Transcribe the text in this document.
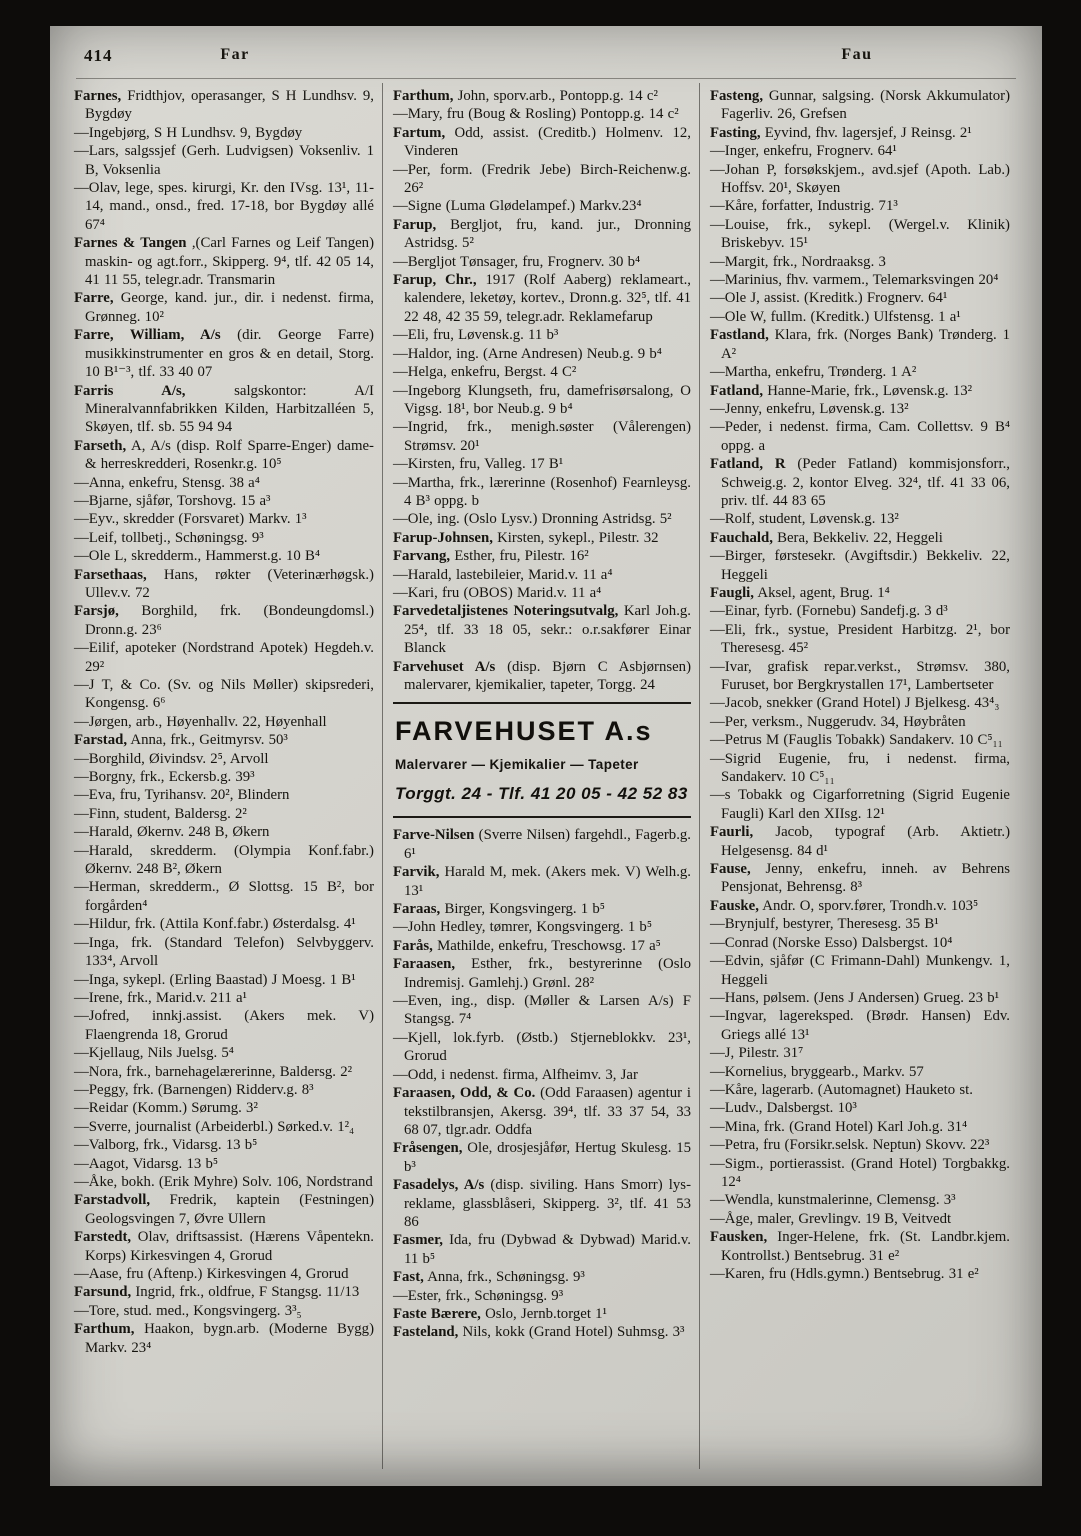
414	Far	Fau

Farnes, Fridthjov, operasanger, S H Lundhsv. 9, Bygdøy

—Ingebjørg, S H Lundhsv. 9, Bygdøy

—Lars, salgssjef (Gerh. Ludvigsen) Voksenliv. 1 B, Voksenlia

—Olav, lege, spes. kirurgi, Kr. den IVsg. 13¹, 11-14, mand., onsd., fred. 17-18, bor Bygdøy allé 67⁴

Farnes & Tangen ,(Carl Farnes og Leif Tangen) maskin- og agt.forr., Skipperg. 9⁴, tlf. 42 05 14, 41 11 55, telegr.adr. Transmarin

Farre, George, kand. jur., dir. i nedenst. firma, Grønneg. 10²

Farre, William, A/s (dir. George Farre) musikkinstrumenter en gros & en detail, Storg. 10 B¹⁻³, tlf. 33 40 07

Farris A/s, salgskontor: A/I Mineralvannfabrikken Kilden, Harbitzalléen 5, Skøyen, tlf. sb. 55 94 94

Farseth, A, A/s (disp. Rolf Sparre-Enger) dame- & herreskredderi, Rosenkr.g. 10⁵

—Anna, enkefru, Stensg. 38 a⁴

—Bjarne, sjåfør, Torshovg. 15 a³

—Eyv., skredder (Forsvaret) Markv. 1³

—Leif, tollbetj., Schøningsg. 9³

—Ole L, skredderm., Hammerst.g. 10 B⁴

Farsethaas, Hans, røkter (Veterinærhøgsk.) Ullev.v. 72

Farsjø, Borghild, frk. (Bondeungdomsl.) Dronn.g. 23⁶

—Eilif, apoteker (Nordstrand Apotek) Hegdeh.v. 29²

—J T, & Co. (Sv. og Nils Møller) skipsrederi, Kongensg. 6⁶

—Jørgen, arb., Høyenhallv. 22, Høyenhall

Farstad, Anna, frk., Geitmyrsv. 50³

—Borghild, Øivindsv. 2⁵, Arvoll

—Borgny, frk., Eckersb.g. 39³

—Eva, fru, Tyrihansv. 20², Blindern

—Finn, student, Baldersg. 2²

—Harald, Økernv. 248 B, Økern

—Harald, skredderm. (Olympia Konf.fabr.) Økernv. 248 B², Økern

—Herman, skredderm., Ø Slottsg. 15 B², bor forgården⁴

—Hildur, frk. (Attila Konf.fabr.) Østerdalsg. 4¹

—Inga, frk. (Standard Telefon) Selvbyggerv. 133⁴, Arvoll

—Inga, sykepl. (Erling Baastad) J Moesg. 1 B¹

—Irene, frk., Marid.v. 211 a¹

—Jofred, innkj.assist. (Akers mek. V) Flaengrenda 18, Grorud

—Kjellaug, Nils Juelsg. 5⁴

—Nora, frk., barnehagelærerinne, Baldersg. 2²

—Peggy, frk. (Barnengen) Ridderv.g. 8³

—Reidar (Komm.) Sørumg. 3²

—Sverre, journalist (Arbeiderbl.) Sørked.v. 1²₄

—Valborg, frk., Vidarsg. 13 b⁵

—Aagot, Vidarsg. 13 b⁵

—Åke, bokh. (Erik Myhre) Solv. 106, Nordstrand

Farstadvoll, Fredrik, kaptein (Festningen) Geologsvingen 7, Øvre Ullern

Farstedt, Olav, driftsassist. (Hærens Våpentekn. Korps) Kirkesvingen 4, Grorud

—Aase, fru (Aftenp.) Kirkesvingen 4, Grorud

Farsund, Ingrid, frk., oldfrue, F Stangsg. 11/13

—Tore, stud. med., Kongsvingerg. 3³₅

Farthum, Haakon, bygn.arb. (Moderne Bygg) Markv. 23⁴

Farthum, John, sporv.arb., Pontopp.g. 14 c²

—Mary, fru (Boug & Rosling) Pontopp.g. 14 c²

Fartum, Odd, assist. (Creditb.) Holmenv. 12, Vinderen

—Per, form. (Fredrik Jebe) Birch-Reichenw.g. 26²

—Signe (Luma Glødelampef.) Markv.23⁴

Farup, Bergljot, fru, kand. jur., Dronning Astridsg. 5²

—Bergljot Tønsager, fru, Frognerv. 30 b⁴

Farup, Chr., 1917 (Rolf Aaberg) reklameart., kalendere, leketøy, kortev., Dronn.g. 32⁵, tlf. 41 22 48, 42 35 59, telegr.adr. Reklamefarup

—Eli, fru, Løvensk.g. 11 b³

—Haldor, ing. (Arne Andresen) Neub.g. 9 b⁴

—Helga, enkefru, Bergst. 4 C²

—Ingeborg Klungseth, fru, damefrisørsalong, O Vigsg. 18¹, bor Neub.g. 9 b⁴

—Ingrid, frk., menigh.søster (Vålerengen) Strømsv. 20¹

—Kirsten, fru, Valleg. 17 B¹

—Martha, frk., lærerinne (Rosenhof) Fearnleysg. 4 B³ oppg. b

—Ole, ing. (Oslo Lysv.) Dronning Astridsg. 5²

Farup-Johnsen, Kirsten, sykepl., Pilestr. 32

Farvang, Esther, fru, Pilestr. 16²

—Harald, lastebileier, Marid.v. 11 a⁴

—Kari, fru (OBOS) Marid.v. 11 a⁴

Farvedetaljistenes Noteringsutvalg, Karl Joh.g. 25⁴, tlf. 33 18 05, sekr.: o.r.sakfører Einar Blanck

Farvehuset A/s (disp. Bjørn C Asbjørnsen) malervarer, kjemikalier, tapeter, Torgg. 24

FARVEHUSET A.s

Malervarer — Kjemikalier — Tapeter

Torggt. 24 - Tlf. 41 20 05 - 42 52 83

Farve-Nilsen (Sverre Nilsen) fargehdl., Fagerb.g. 6¹

Farvik, Harald M, mek. (Akers mek. V) Welh.g. 13¹

Faraas, Birger, Kongsvingerg. 1 b⁵

—John Hedley, tømrer, Kongsvingerg. 1 b⁵

Farås, Mathilde, enkefru, Treschowsg. 17 a⁵

Faraasen, Esther, frk., bestyrerinne (Oslo Indremisj. Gamlehj.) Grønl. 28²

—Even, ing., disp. (Møller & Larsen A/s) F Stangsg. 7⁴

—Kjell, lok.fyrb. (Østb.) Stjerneblokkv. 23¹, Grorud

—Odd, i nedenst. firma, Alfheimv. 3, Jar

Faraasen, Odd, & Co. (Odd Faraasen) agentur i tekstilbransjen, Akersg. 39⁴, tlf. 33 37 54, 33 68 07, tlgr.adr. Oddfa

Fråsengen, Ole, drosjesjåfør, Hertug Skulesg. 15 b³

Fasadelys, A/s (disp. siviling. Hans Smorr) lys-reklame, glassblåseri, Skipperg. 3², tlf. 41 53 86

Fasmer, Ida, fru (Dybwad & Dybwad) Marid.v. 11 b⁵

Fast, Anna, frk., Schøningsg. 9³

—Ester, frk., Schøningsg. 9³

Faste Bærere, Oslo, Jernb.torget 1¹

Fasteland, Nils, kokk (Grand Hotel) Suhmsg. 3³

Fasteng, Gunnar, salgsing. (Norsk Akkumulator) Fagerliv. 26, Grefsen

Fasting, Eyvind, fhv. lagersjef, J Reinsg. 2¹

—Inger, enkefru, Frognerv. 64¹

—Johan P, forsøkskjem., avd.sjef (Apoth. Lab.) Hoffsv. 20¹, Skøyen

—Kåre, forfatter, Industrig. 71³

—Louise, frk., sykepl. (Wergel.v. Klinik) Briskebyv. 15¹

—Margit, frk., Nordraaksg. 3

—Marinius, fhv. varmem., Telemarksvingen 20⁴

—Ole J, assist. (Kreditk.) Frognerv. 64¹

—Ole W, fullm. (Kreditk.) Ulfstensg. 1 a¹

Fastland, Klara, frk. (Norges Bank) Trønderg. 1 A²

—Martha, enkefru, Trønderg. 1 A²

Fatland, Hanne-Marie, frk., Løvensk.g. 13²

—Jenny, enkefru, Løvensk.g. 13²

—Peder, i nedenst. firma, Cam. Collettsv. 9 B⁴ oppg. a

Fatland, R (Peder Fatland) kommisjonsforr., Schweig.g. 2, kontor Elveg. 32⁴, tlf. 41 33 06, priv. tlf. 44 83 65

—Rolf, student, Løvensk.g. 13²

Fauchald, Bera, Bekkeliv. 22, Heggeli

—Birger, førstesekr. (Avgiftsdir.) Bekkeliv. 22, Heggeli

Faugli, Aksel, agent, Brug. 1⁴

—Einar, fyrb. (Fornebu) Sandefj.g. 3 d³

—Eli, frk., systue, President Harbitzg. 2¹, bor Theresesg. 45²

—Ivar, grafisk repar.verkst., Strømsv. 380, Furuset, bor Bergkrystallen 17¹, Lambertseter

—Jacob, snekker (Grand Hotel) J Bjelkesg. 43⁴₃

—Per, verksm., Nuggerudv. 34, Høybråten

—Petrus M (Fauglis Tobakk) Sandakerv. 10 C⁵₁₁

—Sigrid Eugenie, fru, i nedenst. firma, Sandakerv. 10 C⁵₁₁

—s Tobakk og Cigarforretning (Sigrid Eugenie Faugli) Karl den XIIsg. 12¹

Faurli, Jacob, typograf (Arb. Aktietr.) Helgesensg. 84 d¹

Fause, Jenny, enkefru, inneh. av Behrens Pensjonat, Behrensg. 8³

Fauske, Andr. O, sporv.fører, Trondh.v. 103⁵

—Brynjulf, bestyrer, Theresesg. 35 B¹

—Conrad (Norske Esso) Dalsbergst. 10⁴

—Edvin, sjåfør (C Frimann-Dahl) Munkengv. 1, Heggeli

—Hans, pølsem. (Jens J Andersen) Grueg. 23 b¹

—Ingvar, lagereksped. (Brødr. Hansen) Edv. Griegs allé 13¹

—J, Pilestr. 31⁷

—Kornelius, bryggearb., Markv. 57

—Kåre, lagerarb. (Automagnet) Hauketo st.

—Ludv., Dalsbergst. 10³

—Mina, frk. (Grand Hotel) Karl Joh.g. 31⁴

—Petra, fru (Forsikr.selsk. Neptun) Skovv. 22³

—Sigm., portierassist. (Grand Hotel) Torgbakkg. 12⁴

—Wendla, kunstmalerinne, Clemensg. 3³

—Åge, maler, Grevlingv. 19 B, Veitvedt

Fausken, Inger-Helene, frk. (St. Landbr.kjem. Kontrollst.) Bentsebrug. 31 e²

—Karen, fru (Hdls.gymn.) Bentsebrug. 31 e²
